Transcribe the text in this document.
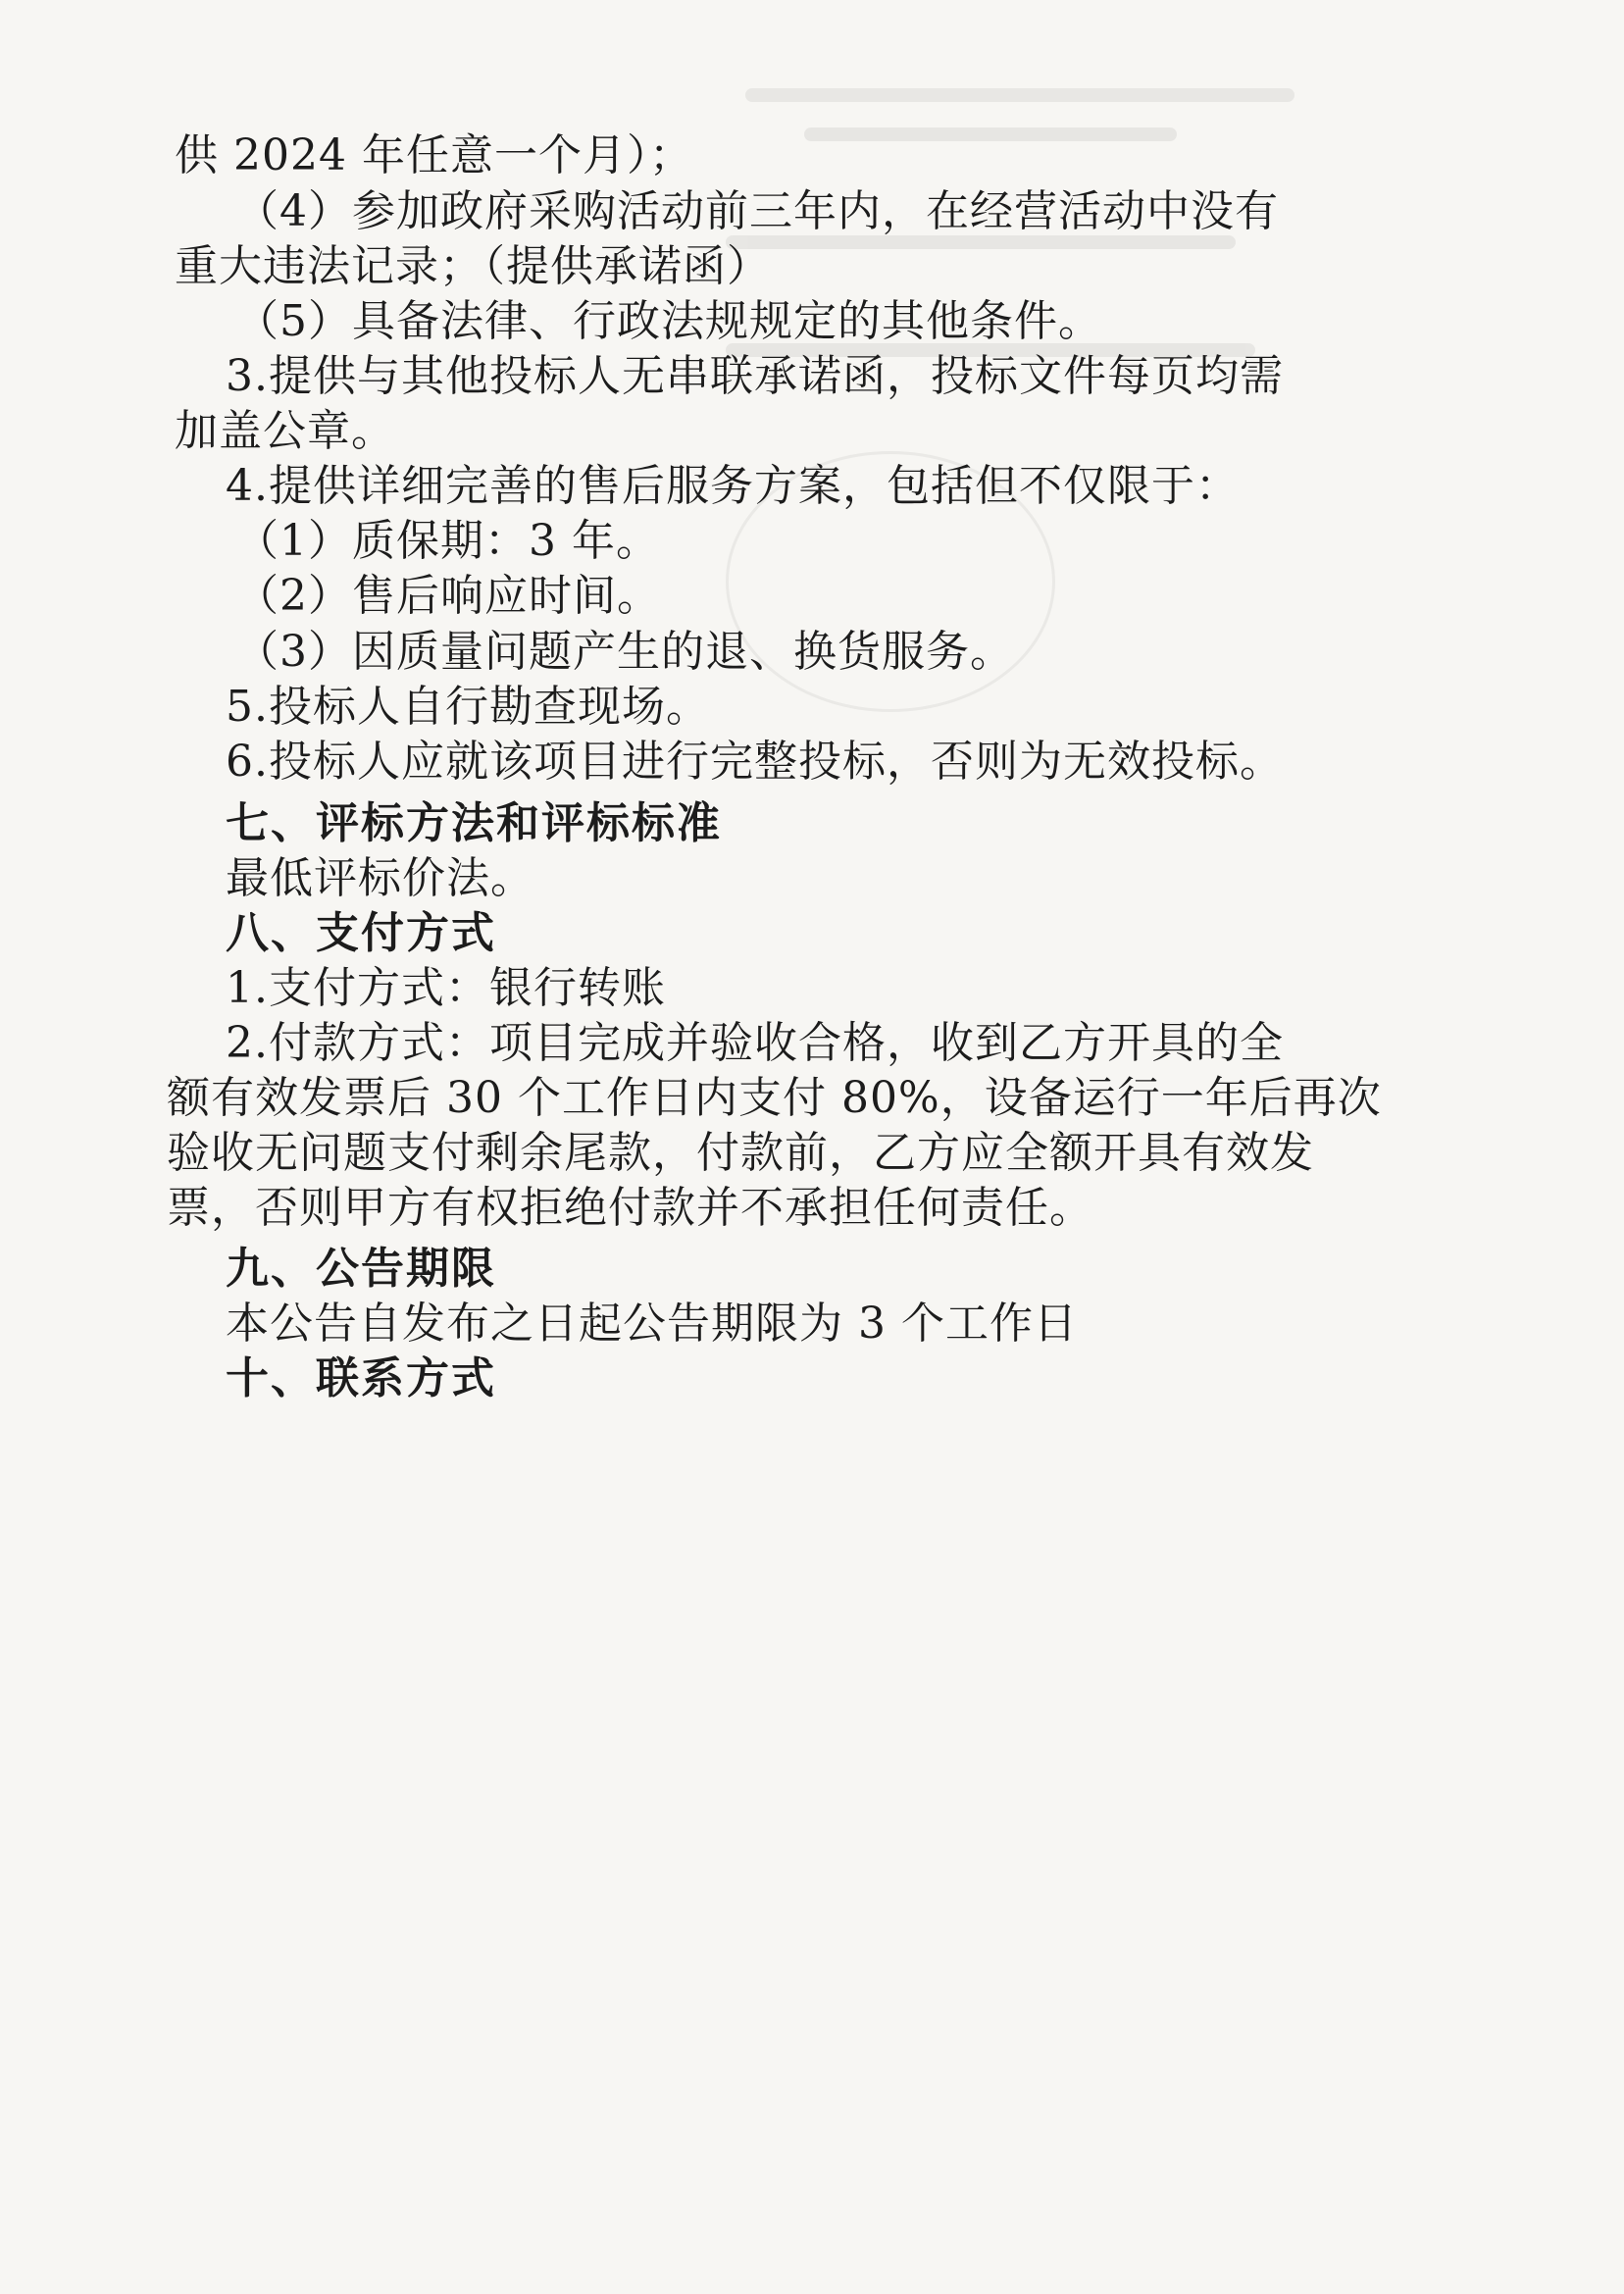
供 2024 年任意一个月）；
（4）参加政府采购活动前三年内，在经营活动中没有
重大违法记录；（提供承诺函）
（5）具备法律、行政法规规定的其他条件。
3.提供与其他投标人无串联承诺函，投标文件每页均需
加盖公章。
4.提供详细完善的售后服务方案，包括但不仅限于：
（1）质保期：3 年。
（2）售后响应时间。
（3）因质量问题产生的退、换货服务。
5.投标人自行勘查现场。
6.投标人应就该项目进行完整投标，否则为无效投标。
七、评标方法和评标标准
最低评标价法。
八、支付方式
1.支付方式：银行转账
2.付款方式：项目完成并验收合格，收到乙方开具的全
额有效发票后 30 个工作日内支付 80%，设备运行一年后再次
验收无问题支付剩余尾款，付款前，乙方应全额开具有效发
票，否则甲方有权拒绝付款并不承担任何责任。
九、公告期限
本公告自发布之日起公告期限为 3 个工作日
十、联系方式
